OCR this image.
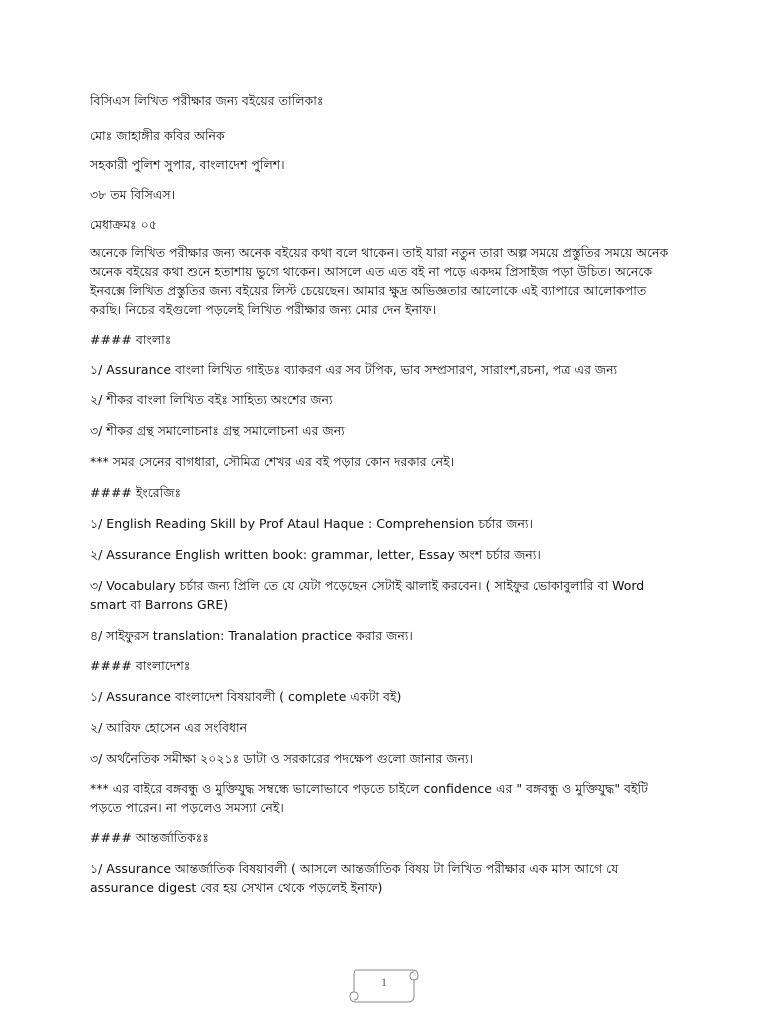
বিসিএস লিখিত পরীক্ষার জন্য বইয়ের তালিকাঃ
মোঃ জাহাঙ্গীর কবির অনিক
সহকারী পুলিশ সুপার, বাংলাদেশ পুলিশ।
৩৮ তম বিসিএস।
মেধাক্রমঃ ০৫
অনেকে লিখিত পরীক্ষার জন্য অনেক বইয়ের কথা বলে থাকেন। তাই যারা নতুন তারা অল্প সময়ে প্রস্তুতির সময়ে অনেক
অনেক বইয়ের কথা শুনে হতাশায় ভুগে থাকেন। আসলে এত এত বই না পড়ে একদম প্রিসাইজ পড়া উচিত। অনেকে
ইনবক্সে লিখিত প্রস্তুতির জন্য বইয়ের লিস্ট চেয়েছেন। আমার ক্ষুদ্র অভিজ্ঞতার আলোকে এই ব্যাপারে আলোকপাত
করছি। নিচের বইগুলো পড়লেই লিখিত পরীক্ষার জন্য মোর দেন ইনাফ।
#### বাংলাঃ
১/ Assurance বাংলা লিখিত গাইডঃ ব্যাকরণ এর সব টপিক, ভাব সম্প্রসারণ, সারাংশ,রচনা, পত্র এর জন্য
২/ শীকর বাংলা লিখিত বইঃ সাহিত্য অংশের জন্য
৩/ শীকর গ্রন্থ সমালোচনাঃ গ্রন্থ সমালোচনা এর জন্য
*** সমর সেনের বাগধারা, সৌমিত্র শেখর এর বই পড়ার কোন দরকার নেই।
#### ইংরেজিঃ
১/ English Reading Skill by Prof Ataul Haque : Comprehension চর্চার জন্য।
২/ Assurance English written book: grammar, letter, Essay অংশ চর্চার জন্য।
৩/ Vocabulary চর্চার জন্য প্রিলি তে যে যেটা পড়েছেন সেটাই ঝালাই করবেন। ( সাইফুর ভোকাবুলারি বা Word
smart বা Barrons GRE)
৪/ সাইফুরস translation: Tranalation practice করার জন্য।
#### বাংলাদেশঃ
১/ Assurance বাংলাদেশ বিষয়াবলী ( complete একটা বই)
২/ আরিফ হোসেন এর সংবিধান
৩/ অর্থনৈতিক সমীক্ষা ২০২১ঃ ডাটা ও সরকারের পদক্ষেপ গুলো জানার জন্য।
*** এর বাইরে বঙ্গবন্ধু ও মুক্তিযুদ্ধ সম্বন্ধে ভালোভাবে পড়তে চাইলে confidence এর " বঙ্গবন্ধু ও মুক্তিযুদ্ধ" বইটি
পড়তে পারেন। না পড়লেও সমস্যা নেই।
#### আন্তর্জাতিকঃঃ
১/ Assurance আন্তর্জাতিক বিষয়াবলী ( আসলে আন্তর্জাতিক বিষয় টা লিখিত পরীক্ষার এক মাস আগে যে
assurance digest বের হয় সেখান থেকে পড়লেই ইনাফ)
1
